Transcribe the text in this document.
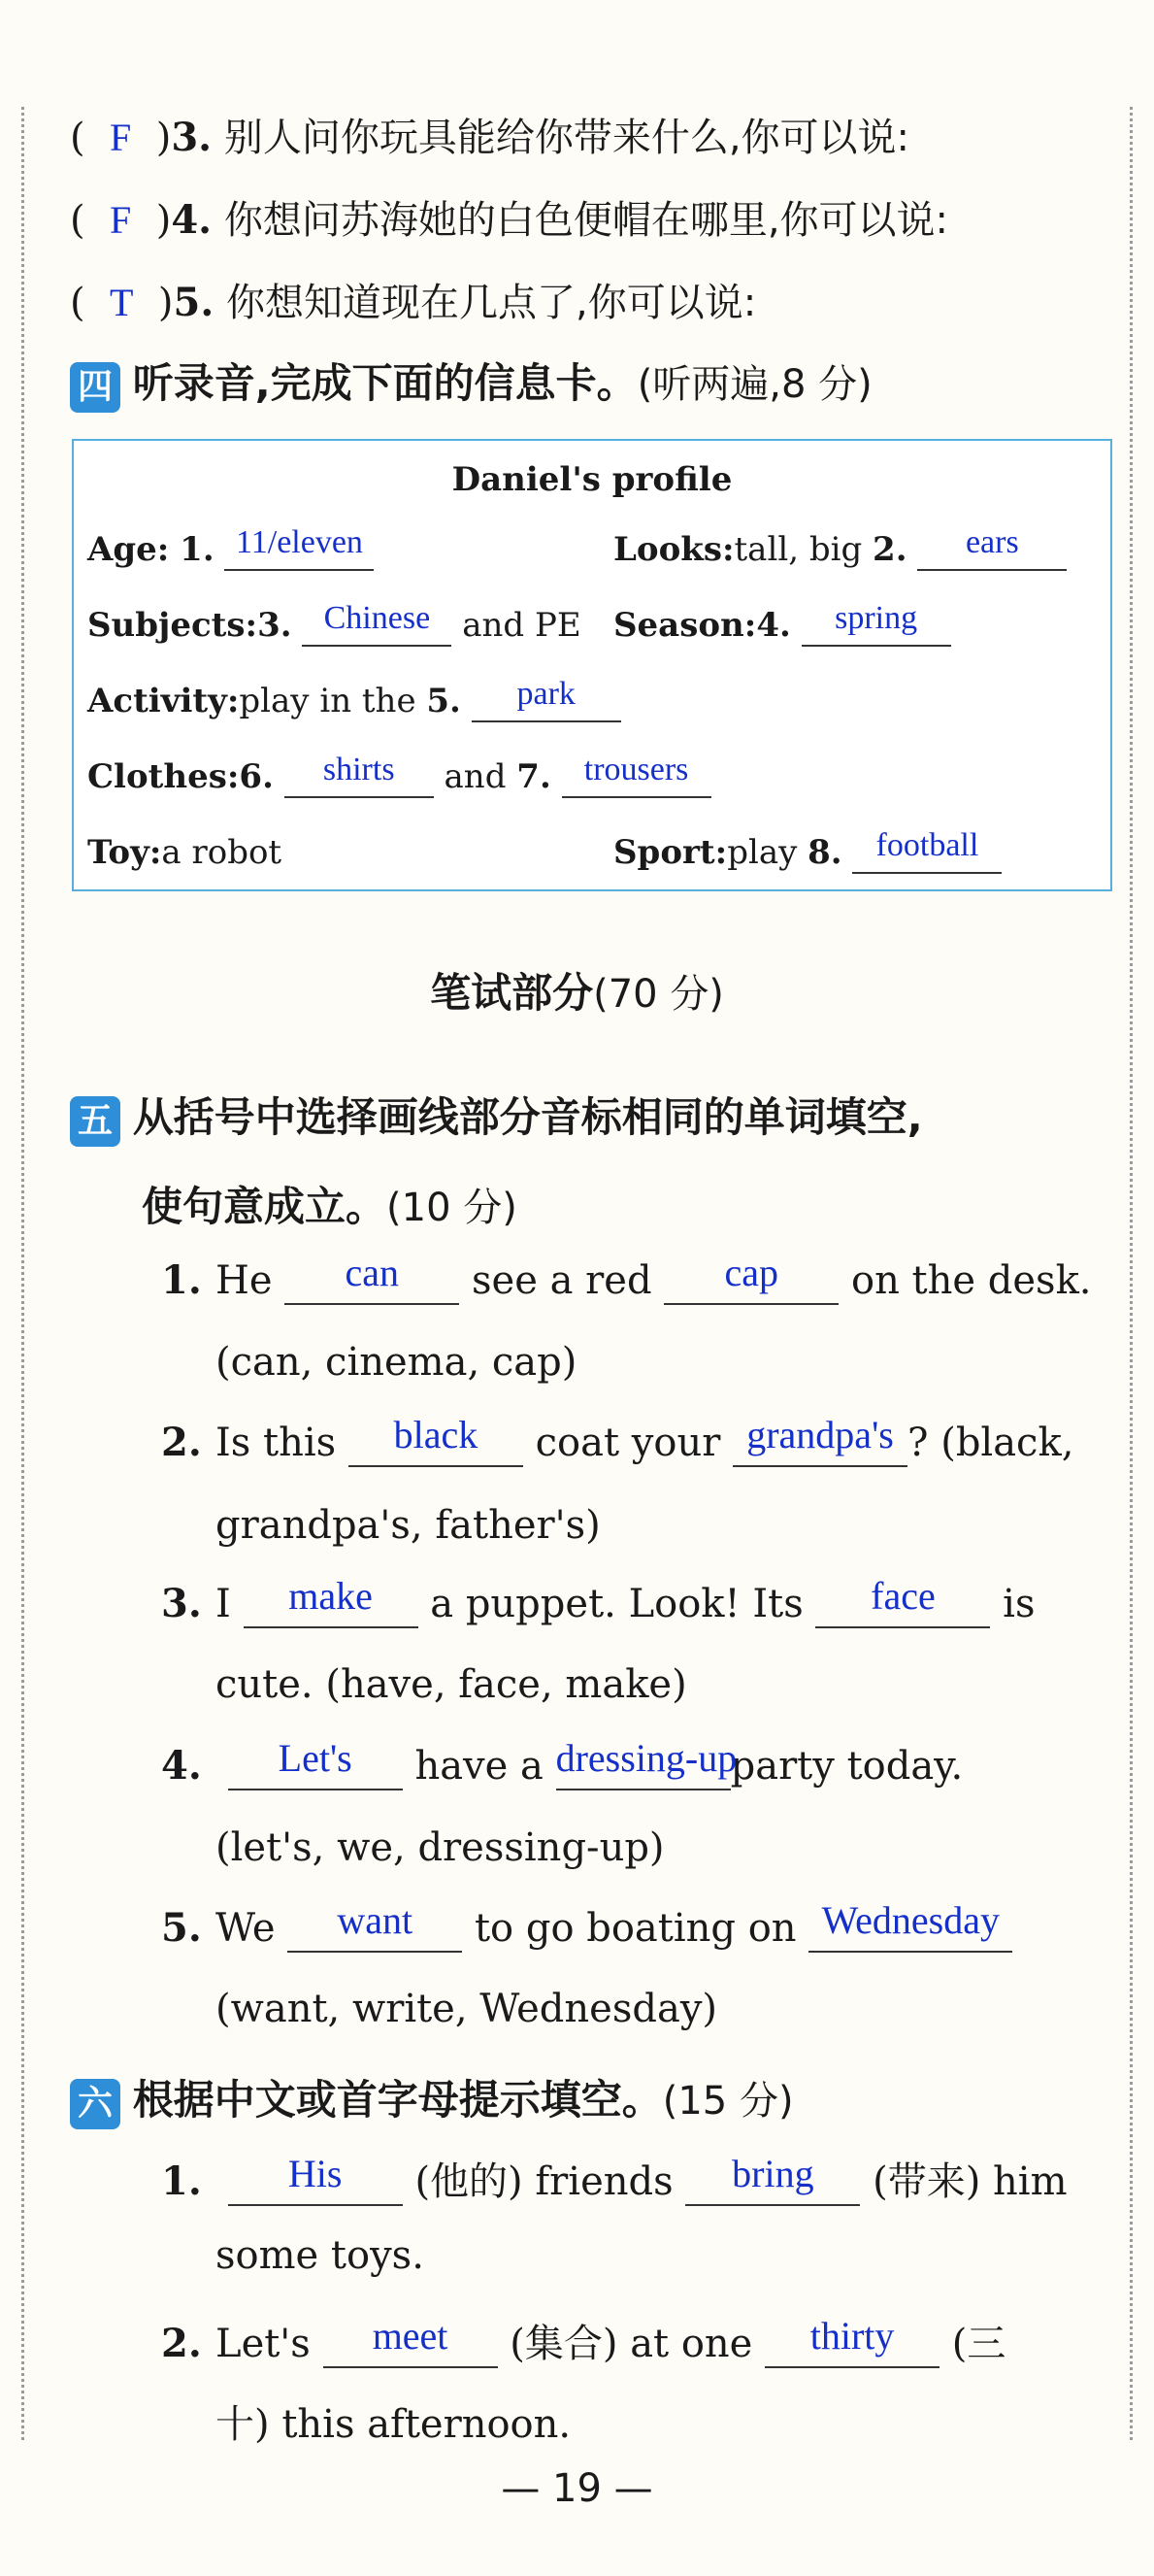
(  F  )3. 别人问你玩具能给你带来什么,你可以说:
(  F  )4. 你想问苏海她的白色便帽在哪里,你可以说:
(  T  )5. 你想知道现在几点了,你可以说:
四 听录音,完成下面的信息卡。(听两遍,8 分)
Daniel's profile
Age: 1. 11/eleven	Looks:tall, big 2. ears
Subjects:3. Chinese and PE Season:4. spring
Activity:play in the 5. park
Clothes:6. shirts and 7. trousers
Toy:a robot	Sport:play 8. football
笔试部分(70 分)
五 从括号中选择画线部分音标相同的单词填空,
使句意成立。(10 分)
1. He can see a red cap on the desk.
(can, cinema, cap)
2. Is this black coat your grandpa's ? (black,
grandpa's, father's)
3. I make a puppet. Look! Its face is
cute. (have, face, make)
4. Let's have a dressing-upparty today.
(let's, we, dressing-up)
5. We want to go boating on Wednesday
(want, write, Wednesday)
六 根据中文或首字母提示填空。(15 分)
1. His (他的) friends bring (带来) him
some toys.
2. Let's meet (集合) at one thirty (三
十) this afternoon.
— 19 —
